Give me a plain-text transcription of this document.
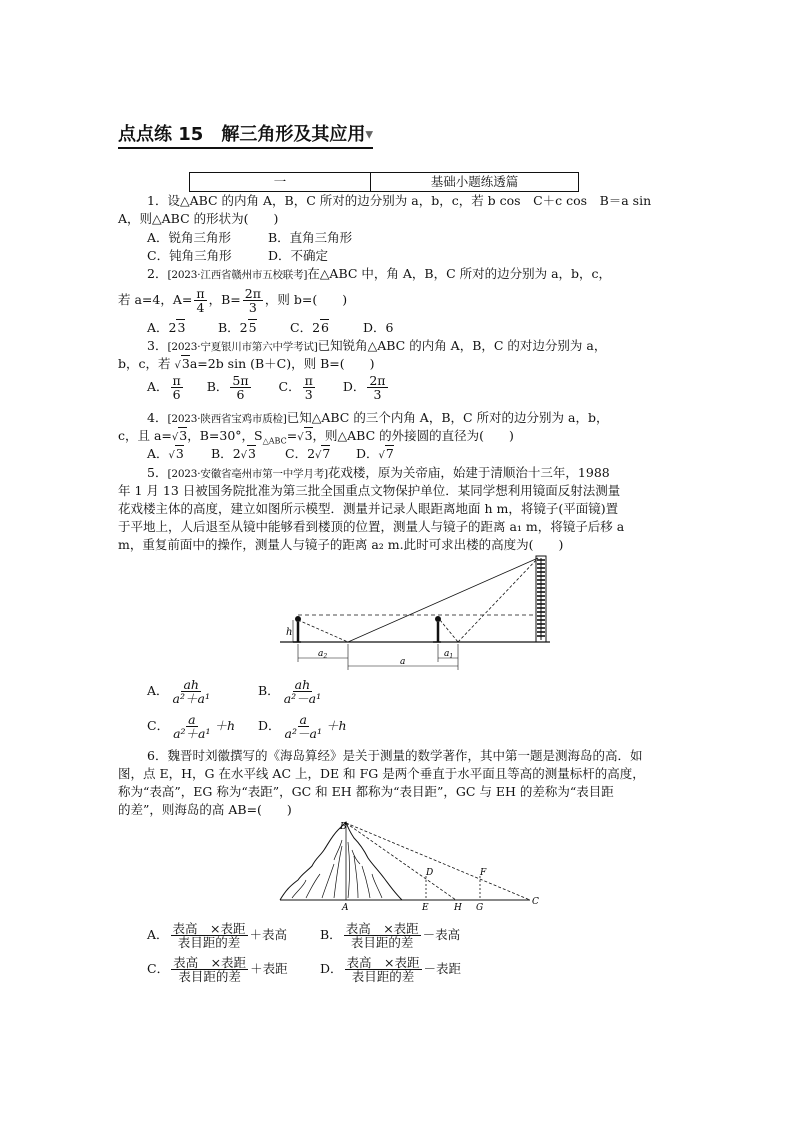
点点练 15　解三角形及其应用▼
一	基础小题练透篇
1．设△ABC 的内角 A，B，C 所对的边分别为 a，b，c，若 b cos　C＋c cos　B＝a sin
A，则△ABC 的形状为(　　)
A．锐角三角形	B．直角三角形
C．钝角三角形	D．不确定
2．[2023·江西省赣州市五校联考]在△ABC 中，角 A，B，C 所对的边分别为 a，b，c，
若 a=4，$A= \frac{\pi}{4}$ ，$B= \frac{2\pi}{3}$ ，则 b=(　　)
A．23	B．25	C．26	D．6
3．[2023·宁夏银川市第六中学考试]已知锐角△ABC 的内角 A，B，C 的对边分别为 a，
b，c，若 √3a=2b sin (B＋C)，则 B=(　　)
A． $\frac{\pi}{6}$ B． $\frac{5\pi}{6}$ C． $\frac{\pi}{3}$ D． $\frac{2\pi}{3}$
4．[2023·陕西省宝鸡市质检]已知△ABC 的三个内角 A，B，C 所对的边分别为 a，b，
c，且 a=√3，B=30°，$S_{\triangle ABC}=√3$，则△ABC 的外接圆的直径为(　　)
A．√3 B．2√3 C．2√7 D．√7
5．[2023·安徽省亳州市第一中学月考]花戏楼，原为关帝庙，始建于清顺治十三年，1988
年 1 月 13 日被国务院批准为第三批全国重点文物保护单位．某同学想利用镜面反射法测量
花戏楼主体的高度，建立如图所示模型．测量并记录人眼距离地面 h m，将镜子(平面镜)置
于平地上，人后退至从镜中能够看到楼顶的位置，测量人与镜子的距离 a₁ m，将镜子后移 a
m，重复前面中的操作，测量人与镜子的距离 a₂ m.此时可求出楼的高度为(　　)
h
$a_2$
a
$a_1$
A． $\frac{ah}{\text{a²＋a¹}}$	B． $\frac{ah}{\text{a²－a¹}}$
C． $\frac{a}{\text{a²＋a¹}} +h$ D． $\frac{a}{\text{a²－a¹}} +h$
6．魏晋时刘徽撰写的《海岛算经》是关于测量的数学著作，其中第一题是测海岛的高．如
图，点 E，H，G 在水平线 AC 上，DE 和 FG 是两个垂直于水平面且等高的测量标杆的高度，
称为“表高”，EG 称为“表距”，GC 和 EH 都称为“表目距”，GC 与 EH 的差称为“表目距
的差”，则海岛的高 AB=(　　)
B
A
D
E	H
F
G
C
A． $\frac{\text{表高　×表距}}{\text{表目距的差}}$ ＋表高	B． $\frac{\text{表高　×表距}}{\text{表目距的差}}$ －表高
C． $\frac{\text{表高　×表距}}{\text{表目距的差}}$ ＋表距	D． $\frac{\text{表高　×表距}}{\text{表目距的差}}$ －表距
